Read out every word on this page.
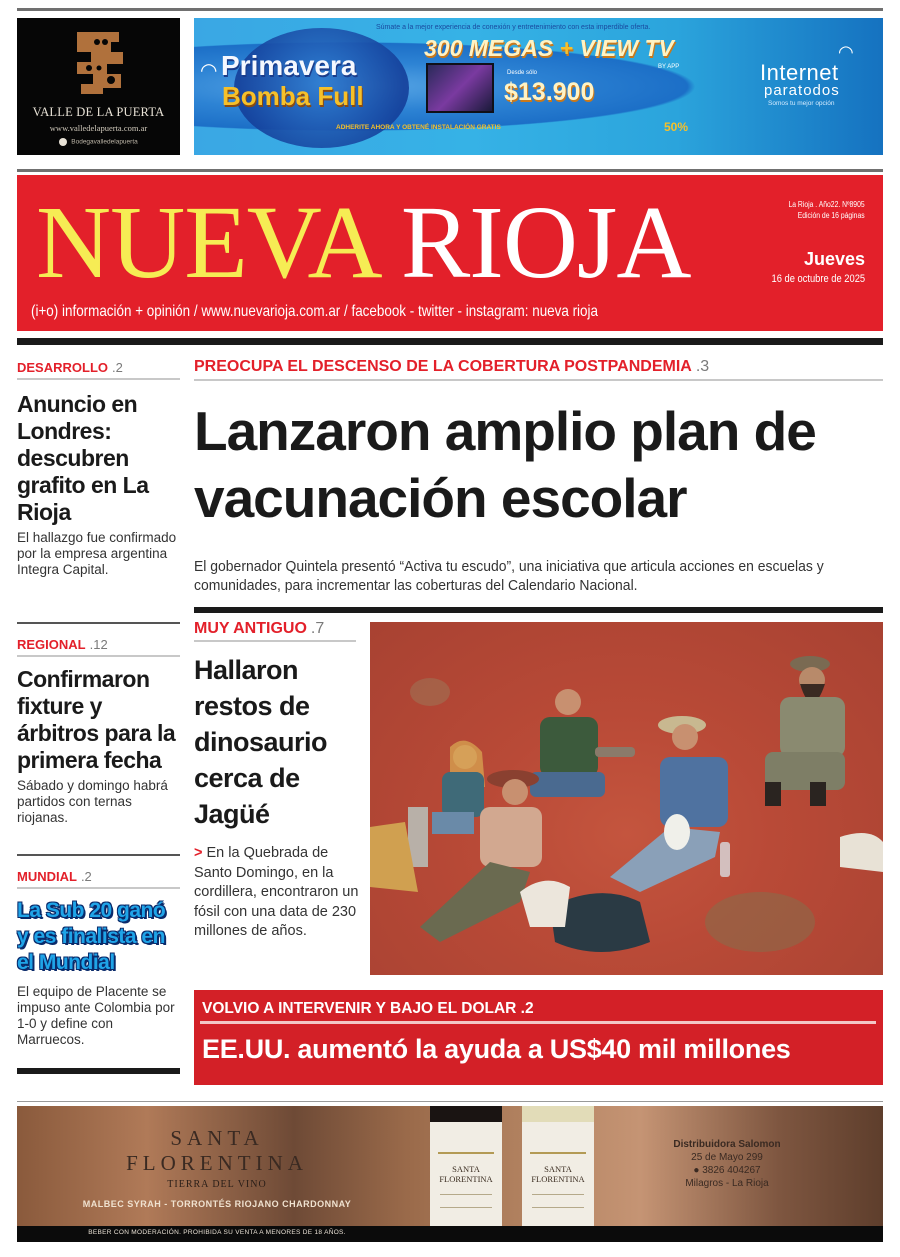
VALLE DE LA PUERTA
www.valledelapuerta.com.ar
Bodegavalledelapuerta
◠ Primavera
Bomba Full
Súmate a la mejor experiencia de conexión y entretenimiento con esta imperdible oferta.
300 MEGAS + VIEW TV
BY APP
Desde sólo
$13.900
ADHERITE AHORA Y OBTENÉ INSTALACIÓN GRATIS	50%
◠
Internet
paratodos
Somos tu mejor opción
NUEVA RIOJA
(i+o) información + opinión / www.nuevarioja.com.ar / facebook - twitter - instagram: nueva rioja
La Rioja . Año22. Nº8905
Edición de 16 páginas
Jueves
16 de octubre de 2025
DESARROLLO .2
Anuncio en Londres: descubren grafito en La Rioja
El hallazgo fue confirmado por la empresa argentina Integra Capital.
REGIONAL .12
Confirmaron fixture y árbitros para la primera fecha
Sábado y domingo habrá partidos con ternas riojanas.
MUNDIAL .2
La Sub 20 ganó y es finalista en el Mundial
El equipo de Placente se impuso ante Colombia por 1-0 y define con Marruecos.
PREOCUPA EL DESCENSO DE LA COBERTURA POSTPANDEMIA .3
Lanzaron amplio plan de vacunación escolar
El gobernador Quintela presentó “Activa tu escudo”, una iniciativa que articula acciones en escuelas y comunidades, para incrementar las coberturas del Calendario Nacional.
MUY ANTIGUO .7
Hallaron restos de dinosaurio cerca de Jagüé
> En la Quebrada de Santo Domingo, en la cordillera, encontraron un fósil con una data de 230 millones de años.
VOLVIO A INTERVENIR Y BAJO EL DOLAR .2
EE.UU. aumentó la ayuda a US$40 mil millones
SANTA
FLORENTINA
TIERRA DEL VINO
MALBEC SYRAH - TORRONTÉS RIOJANO CHARDONNAY
SANTA FLORENTINA
SANTA FLORENTINA
Distribuidora Salomon
25 de Mayo 299
● 3826 404267
Milagros - La Rioja
BEBER CON MODERACIÓN. PROHIBIDA SU VENTA A MENORES DE 18 AÑOS.
